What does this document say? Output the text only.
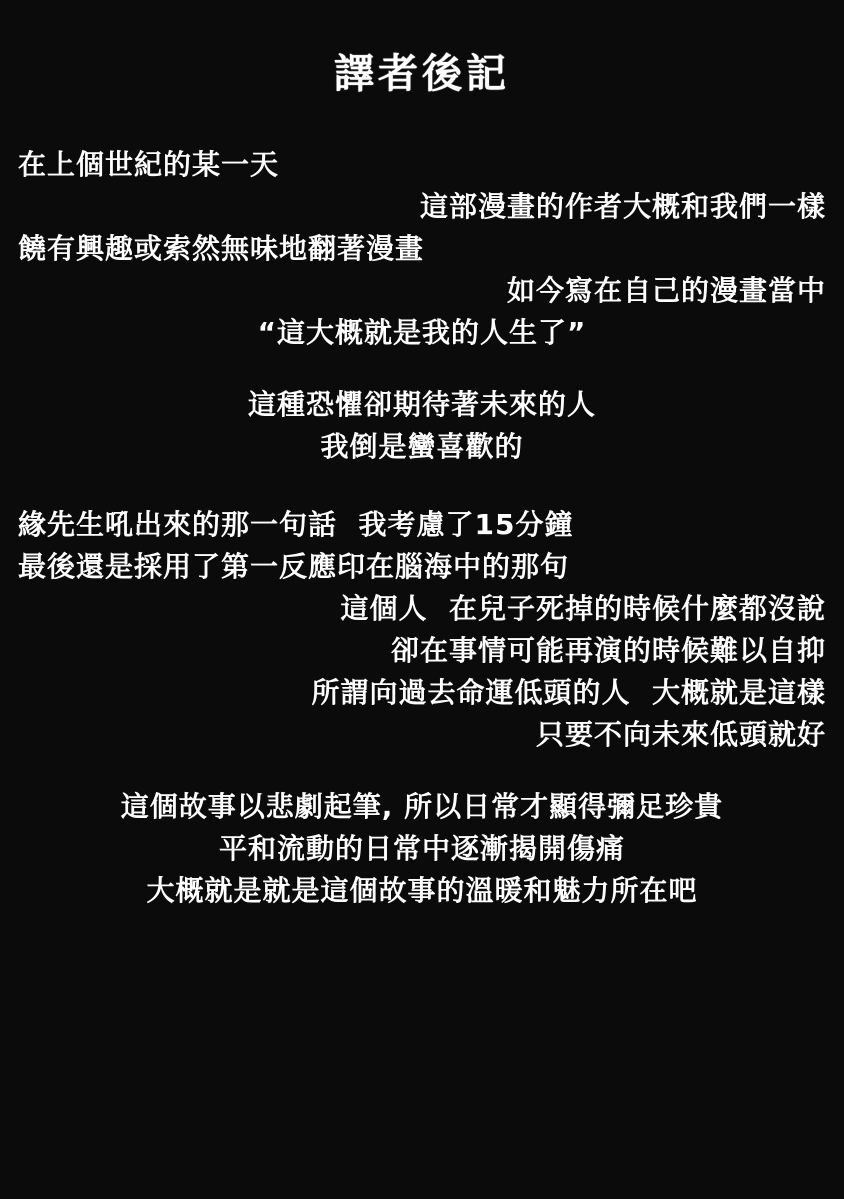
譯者後記
在上個世紀的某一天
這部漫畫的作者大概和我們一樣
饒有興趣或索然無味地翻著漫畫
如今寫在自己的漫畫當中
“這大概就是我的人生了”
這種恐懼卻期待著未來的人
我倒是蠻喜歡的
緣先生吼出來的那一句話  我考慮了15分鐘
最後還是採用了第一反應印在腦海中的那句
這個人  在兒子死掉的時候什麼都沒說
卻在事情可能再演的時候難以自抑
所謂向過去命運低頭的人  大概就是這樣
只要不向未來低頭就好
這個故事以悲劇起筆, 所以日常才顯得彌足珍貴
平和流動的日常中逐漸揭開傷痛
大概就是就是這個故事的溫暖和魅力所在吧
